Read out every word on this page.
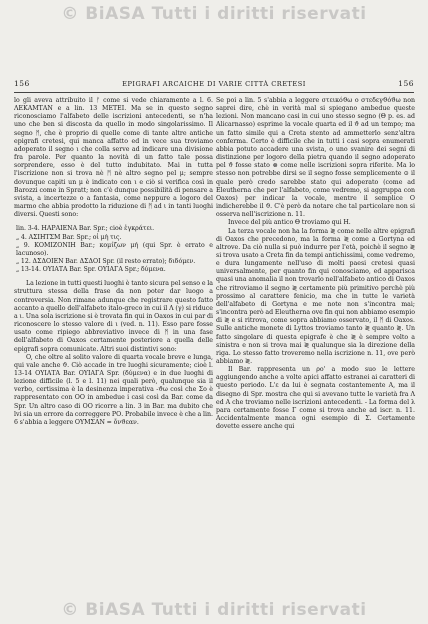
© BiASA Tutti i diritti riservati
156	EPIGRAFI ARCAICHE DI VARIE CITTÀ CRETESI	156

lo gli aveva attribuito il ᚠ come si vede chiaramente a l. 6. ΛΕΚΑΜΤΑΝ e a lin. 13 ΜΕΤΕΙ. Ma se in questo segno riconosciamo l'alfabeto delle iscrizioni antecedenti, se n'ha uno che ben si discosta da quello in modo singolarissimo. Il segno ᛗ, che è proprio di quelle come di tante altre antiche epigrafi cretesi, qui manca affatto ed in vece sua troviamo adoperato il segno ι che colla serve ad indicare una divisione fra parole. Per quanto la novità di un fatto tale possa sorprendere, esso è del tutto indubitato. Mai in tutta l'iscrizione non si trova nè ᛗ nè altro segno pel μ; sempre dovunque capiti un μ è indicato con ι e ciò si verifica così in Barozzi come in Spratt; non c'è dunque possibilità di pensare a svista, a incertezze o a fantasia, come neppure a logoro del marmo che abbia prodotto la riduzione di ᛗ ad ι in tanti luoghi diversi. Questi sono:

lin. 3-4. ΗΑΡΑΙΕΝΑ Bar. Spr.; cioè ἐγκράτει.

„ 4. ΑΣΙΗΤΣΜ Bar. Spr.; οἱ μὴ τις.

„ 9. ΚΟΜΙΖΟΝΙΗ Bar.; κομίζων μή (qui Spr. è errato e lacunoso).

„ 12. ΔΣΔΟΙΕΝ Bar. ΔΣΔΟΙ Spr. (il resto errato); διδόμεν.

„ 13-14. ΟΥΙΑΤΑ Bar. Spr. ΟΥΙΑΓΑ Spr.; δύμενα.

La lezione in tutti questi luoghi è tanto sicura pel senso e la struttura stessa della frase da non poter dar luogo a controversia. Non rimane adunque che registrare questo fatto accanto a quello dell'alfabeto italo-greco in cui il Λ (γ) si riduce a ι. Una sola iscrizione si è trovata fin qui in Oaxos in cui par di riconoscere lo stesso valore di ι (ved. n. 11). Esso pare fosse usato come ripiego abbreviativo invece di ᛗ in una fase dell'alfabeto di Oaxos certamente posteriore a quella delle epigrafi sopra comunicate. Altri suoi distintivi sono:

O, che oltre al solito valore di quarta vocale breve e lunga, qui vale anche ϑ. Ciò accade in tre luoghi sicuramente; cioè l. 13-14 ΟΥΙΑΤΑ Bar. ΟΥΙΑΓΑ Spr. (δύμενα) e in due luoghi di lezione difficile (l. 5 e l. 11) nei quali però, qualunque sia il verbo, certissima è la desinenza imperativa -ϑω così che Σο è rappresentato con ΟΟ in ambedue i casi così da Bar. come da Spr. Un altro caso di ΟΟ ricorre a lin. 3 in Bar. ma dubito che lvi sia un errore da correggere ΡΟ. Probabile invece è che a lin. 6 s'abbia a leggere ΟΥΜΣΑΝ = ὄνϑεαν.

Se poi a lin. 5 s'abbia a leggere στεικόϑω o στεδεγϑόϑω non saprei dire, chè in verità mal si spiegano ambedue queste lezioni. Non mancano casi in cui uno stesso segno (Θ p. es. ad Alicarnasso) esprime la vocale quarta ed il ϑ ad un tempo; ma un fatto simile qui a Creta stento ad ammetterlo senz'altra conferma. Certo è difficile che in tutti i casi sopra enumerati abbia potuto accadere una svista, o uno svanire dei segni di distinzione per logoro della pietra quando il segno adoperato pel ϑ fosse stato ⊗ come nelle iscrizioni sopra riferite. Ma lo stesso non potrebbe dirsi se il segno fosse semplicemente ⊙ il quale però credo sarebbe stato qui adoperato (come ad Eleutherna che per l'alfabeto, come vedremo, si aggruppa con Oaxos) per indicar la vocale, mentre il semplice O indicherebbe il ϑ. C'è però da notare che tal particolare non si osserva nell'iscrizione n. 11.

Invece del più antico Θ troviamo qui H.

La terza vocale non ha la forma ≷ come nelle altre epigrafi di Oaxos che precedono, ma la forma ≷ come a Gortyna ed altrove. Da ciò nulla si può indurre per l'età, poichè il segno ≷ si trova usato a Creta fin da tempi antichissimi, come vedremo, e dura lungamente nell'uso di molti paesi cretesi quasi universalmente, per quanto fin qui conosciamo, ed apparisca quasi una anomalia il non trovarlo nell'alfabeto antico di Oaxos che ritroviamo il segno ≷ certamente più primitivo perchè più prossimo al carattere fenicio, ma che in tutte le varietà dell'alfabeto di Gortyna e me note non s'incontra mai; s'incontra però ad Eleutherna ove fin qui non abbiamo esempio di ≷ e si ritrova, come sopra abbiamo osservato, il ᛗ di Oaxos. Sulle antiche monete di Lyttos troviamo tanto ≷ quanto ≷. Un fatto singolare di questa epigrafe è che ≷ è sempre volto a sinistra e non si trova mai ≷ qualunque sia la direzione della riga. Lo stesso fatto troveremo nella iscrizione n. 11, ove però abbiamo ≷.

Il Bar. rappresenta un ρο' a modo suo le lettere aggiungendo anche a volte apici affatto estranei ai caratteri di questo periodo. L'ε da lui è segnata costantemente A, ma il disegno di Spr. mostra che qui si avevano tutte le varietà fra Λ ed A che troviamo nelle iscrizioni antecedenti. - La forma del λ para certamente fosse Γ come si trova anche ad iscr. n. 11. Accidentalmente manca ogni esempio di Σ. Certamente dovette essere anche qui

© BiASA Tutti i diritti riservati
